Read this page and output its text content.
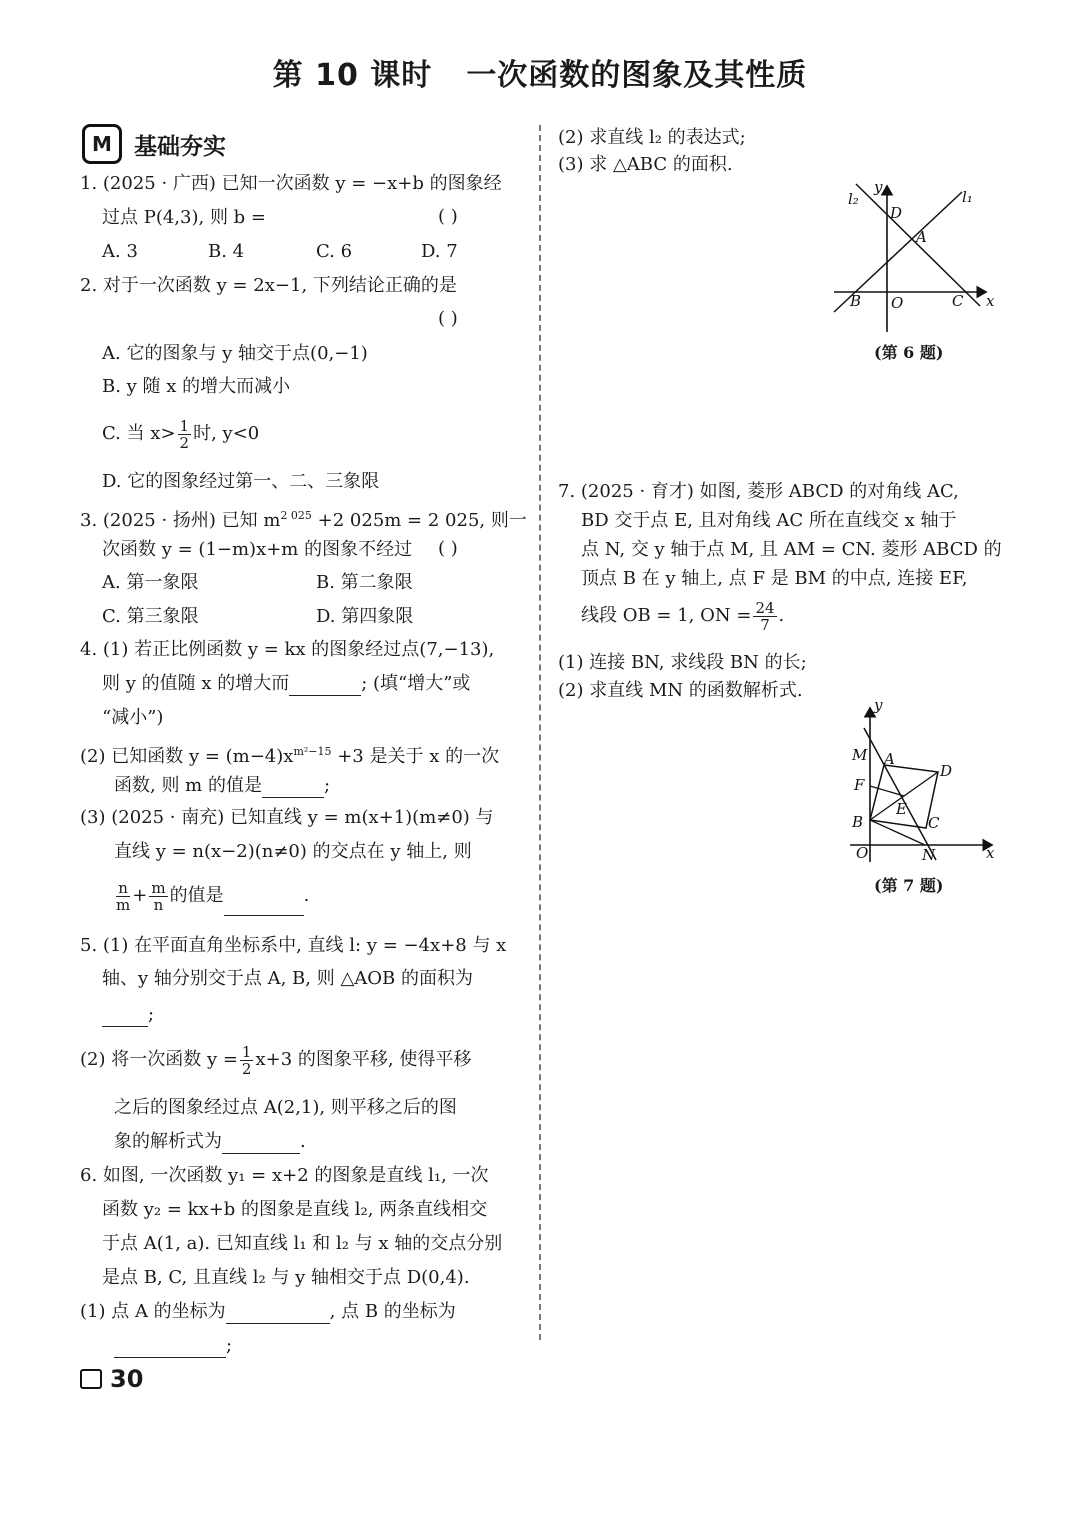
第 10 课时 一次函数的图象及其性质
M 基础夯实
1. (2025 · 广西) 已知一次函数 y = −x+b 的图象经
过点 P(4,3), 则 b =	( )
A. 3	B. 4	C. 6	D. 7
2. 对于一次函数 y = 2x−1, 下列结论正确的是
( )
A. 它的图象与 y 轴交于点(0,−1)
B. y 随 x 的增大而减小
C. 当 $x> \frac{1}{2}$ 时, y<0
D. 它的图象经过第一、二、三象限
3. (2025 · 扬州) 已知 $m^{2 025} +2$ 025m = 2 025, 则一
次函数 y = (1−m)x+m 的图象不经过 ( )
A. 第一象限	B. 第二象限
C. 第三象限	D. 第四象限
4. (1) 若正比例函数 y = kx 的图象经过点(7,−13),
则 y 的值随 x 的增大而	; (填“增大”或
“减小”)
(2) 已知函数 $y = (m-4)x^{m^2-15} +3$ 是关于 x 的一次
函数, 则 m 的值是	;
(3) (2025 · 南充) 已知直线 y = m(x+1)(m≠0) 与
直线 y = n(x−2)(n≠0) 的交点在 y 轴上, 则
$\frac{n}{m} + \frac{m}{n}$ 的值是	.
5. (1) 在平面直角坐标系中, 直线 l: y = −4x+8 与 x
轴、y 轴分别交于点 A, B, 则 △AOB 的面积为
;
(2) 将一次函数 $y = \frac{1}{2} x+3$ 的图象平移, 使得平移
之后的图象经过点 A(2,1), 则平移之后的图
象的解析式为	.
6. 如图, 一次函数 y₁ = x+2 的图象是直线 l₁, 一次
函数 y₂ = kx+b 的图象是直线 l₂, 两条直线相交
于点 A(1, a). 已知直线 l₁ 和 l₂ 与 x 轴的交点分别
是点 B, C, 且直线 l₂ 与 y 轴相交于点 D(0,4).
(1) 点 A 的坐标为	, 点 B 的坐标为
;
(2) 求直线 l₂ 的表达式;
(3) 求 △ABC 的面积.
l₁
l₂
y
x
D
A
B O	C
(第 6 题)
7. (2025 · 育才) 如图, 菱形 ABCD 的对角线 AC,
BD 交于点 E, 且对角线 AC 所在直线交 x 轴于
点 N, 交 y 轴于点 M, 且 AM = CN. 菱形 ABCD 的
顶点 B 在 y 轴上, 点 F 是 BM 的中点, 连接 EF,
线段 OB = 1, ON = $\frac{24}{7}$ .
(1) 连接 BN, 求线段 BN 的长;
(2) 求直线 MN 的函数解析式.
y
x
M A
D
F
E
B	C
O	N
(第 7 题)
30
